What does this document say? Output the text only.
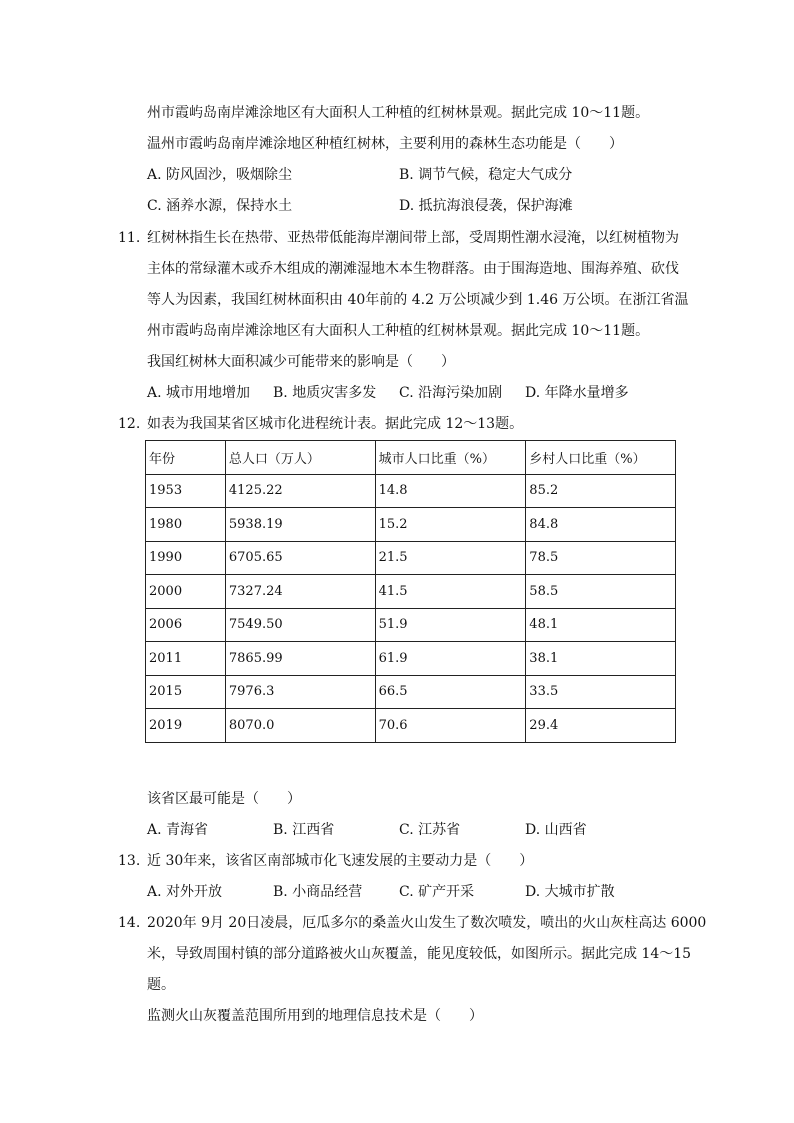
州市霞屿岛南岸滩涂地区有大面积人工种植的红树林景观。据此完成 10～11题。
温州市霞屿岛南岸滩涂地区种植红树林，主要利用的森林生态功能是（　　）
A. 防风固沙，吸烟除尘	B. 调节气候，稳定大气成分
C. 涵养水源，保持水土	D. 抵抗海浪侵袭，保护海滩
11. 红树林指生长在热带、亚热带低能海岸潮间带上部，受周期性潮水浸淹，以红树植物为
主体的常绿灌木或乔木组成的潮滩湿地木本生物群落。由于围海造地、围海养殖、砍伐
等人为因素，我国红树林面积由 40年前的 4.2 万公顷减少到 1.46 万公顷。在浙江省温
州市霞屿岛南岸滩涂地区有大面积人工种植的红树林景观。据此完成 10～11题。
我国红树林大面积减少可能带来的影响是（　　）
A. 城市用地增加 B. 地质灾害多发 C. 沿海污染加剧 D. 年降水量增多
12. 如表为我国某省区城市化进程统计表。据此完成 12～13题。
年份	总人口（万人）	城市人口比重（%）	乡村人口比重（%）
1953	4125.22	14.8	85.2
1980	5938.19	15.2	84.8
1990	6705.65	21.5	78.5
2000	7327.24	41.5	58.5
2006	7549.50	51.9	48.1
2011	7865.99	61.9	38.1
2015	7976.3	66.5	33.5
2019	8070.0	70.6	29.4
该省区最可能是（　　）
A. 青海省	B. 江西省	C. 江苏省	D. 山西省
13. 近 30年来，该省区南部城市化飞速发展的主要动力是（　　）
A. 对外开放	B. 小商品经营	C. 矿产开采	D. 大城市扩散
14. 2020年 9月 20日凌晨，厄瓜多尔的桑盖火山发生了数次喷发，喷出的火山灰柱高达 6000
米，导致周围村镇的部分道路被火山灰覆盖，能见度较低，如图所示。据此完成 14～15
题。
监测火山灰覆盖范围所用到的地理信息技术是（　　）
